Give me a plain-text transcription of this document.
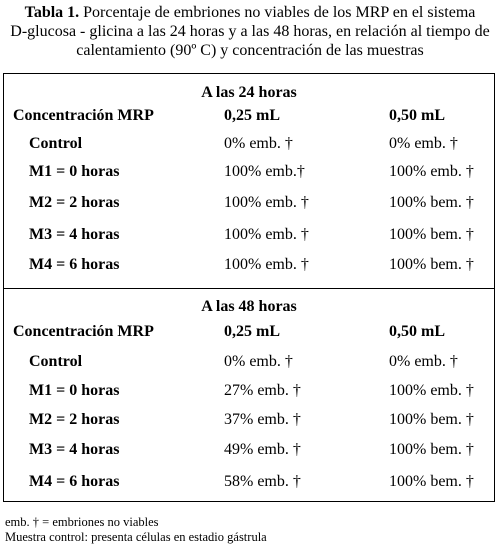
Tabla 1. Porcentaje de embriones no viables de los MRP en el sistema
D-glucosa - glicina a las 24 horas y a las 48 horas, en relación al tiempo de
calentamiento (90º C) y concentración de las muestras
A las 24 horas
Concentración MRP	0,25 mL	0,50 mL
Control	0% emb. †	0% emb. †
M1 = 0 horas	100% emb.†	100% emb. †
M2 = 2 horas	100% emb. †	100% bem. †
M3 = 4 horas	100% emb. †	100% bem. †
M4 = 6 horas	100% emb. †	100% bem. †
A las 48 horas
Concentración MRP	0,25 mL	0,50 mL
Control	0% emb. †	0% emb. †
M1 = 0 horas	27% emb. †	100% emb. †
M2 = 2 horas	37% emb. †	100% bem. †
M3 = 4 horas	49% emb. †	100% bem. †
M4 = 6 horas	58% emb. †	100% bem. †
emb. † = embriones no viables
Muestra control: presenta células en estadio gástrula
